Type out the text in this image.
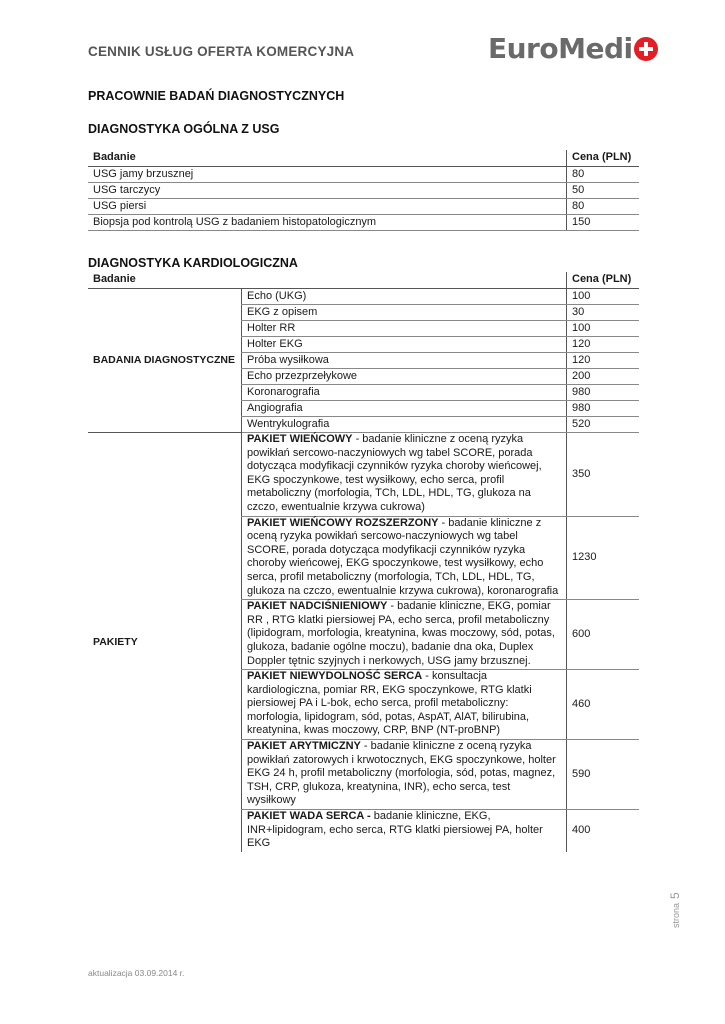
CENNIK USŁUG OFERTA KOMERCYJNA	EuroMedi
PRACOWNIE BADAŃ DIAGNOSTYCZNYCH
DIAGNOSTYKA OGÓLNA Z USG
Badanie	Cena (PLN)
USG jamy brzusznej	80
USG tarczycy	50
USG piersi	80
Biopsja pod kontrolą USG z badaniem histopatologicznym	150
DIAGNOSTYKA KARDIOLOGICZNA
Badanie		Cena (PLN)
BADANIA DIAGNOSTYCZNE	Echo (UKG)	100
	EKG z opisem	30
	Holter RR	100
	Holter EKG	120
	Próba wysiłkowa	120
	Echo przezprzełykowe	200
	Koronarografia	980
	Angiografia	980
	Wentrykulografia	520
PAKIETY	PAKIET WIEŃCOWY - badanie kliniczne z oceną ryzyka powikłań sercowo-naczyniowych wg tabel SCORE, porada dotycząca modyfikacji czynników ryzyka choroby wieńcowej, EKG spoczynkowe, test wysiłkowy, echo serca, profil metaboliczny (morfologia, TCh, LDL, HDL, TG, glukoza na czczo, ewentualnie krzywa cukrowa)	350
	PAKIET WIEŃCOWY ROZSZERZONY - badanie kliniczne z oceną ryzyka powikłań sercowo-naczyniowych wg tabel SCORE, porada dotycząca modyfikacji czynników ryzyka choroby wieńcowej, EKG spoczynkowe, test wysiłkowy, echo serca, profil metaboliczny (morfologia, TCh, LDL, HDL, TG, glukoza na czczo, ewentualnie krzywa cukrowa), koronarografia	1230
	PAKIET NADCIŚNIENIOWY - badanie kliniczne, EKG, pomiar RR , RTG klatki piersiowej PA, echo serca, profil metaboliczny (lipidogram, morfologia, kreatynina, kwas moczowy, sód, potas, glukoza, badanie ogólne moczu), badanie dna oka, Duplex Doppler tętnic szyjnych i nerkowych, USG jamy brzusznej.	600
	PAKIET NIEWYDOLNOŚĆ SERCA - konsultacja kardiologiczna, pomiar RR, EKG spoczynkowe, RTG klatki piersiowej PA i L-bok, echo serca, profil metaboliczny: morfologia, lipidogram, sód, potas, AspAT, AlAT, bilirubina, kreatynina, kwas moczowy, CRP, BNP (NT-proBNP)	460
	PAKIET ARYTMICZNY - badanie kliniczne z oceną ryzyka powikłań zatorowych i krwotocznych, EKG spoczynkowe, holter EKG 24 h, profil metaboliczny (morfologia, sód, potas, magnez, TSH, CRP, glukoza, kreatynina, INR), echo serca, test wysiłkowy	590
	PAKIET WADA SERCA - badanie kliniczne, EKG, INR+lipidogram, echo serca, RTG klatki piersiowej PA, holter EKG	400
aktualizacja 03.09.2014 r.
strona5
